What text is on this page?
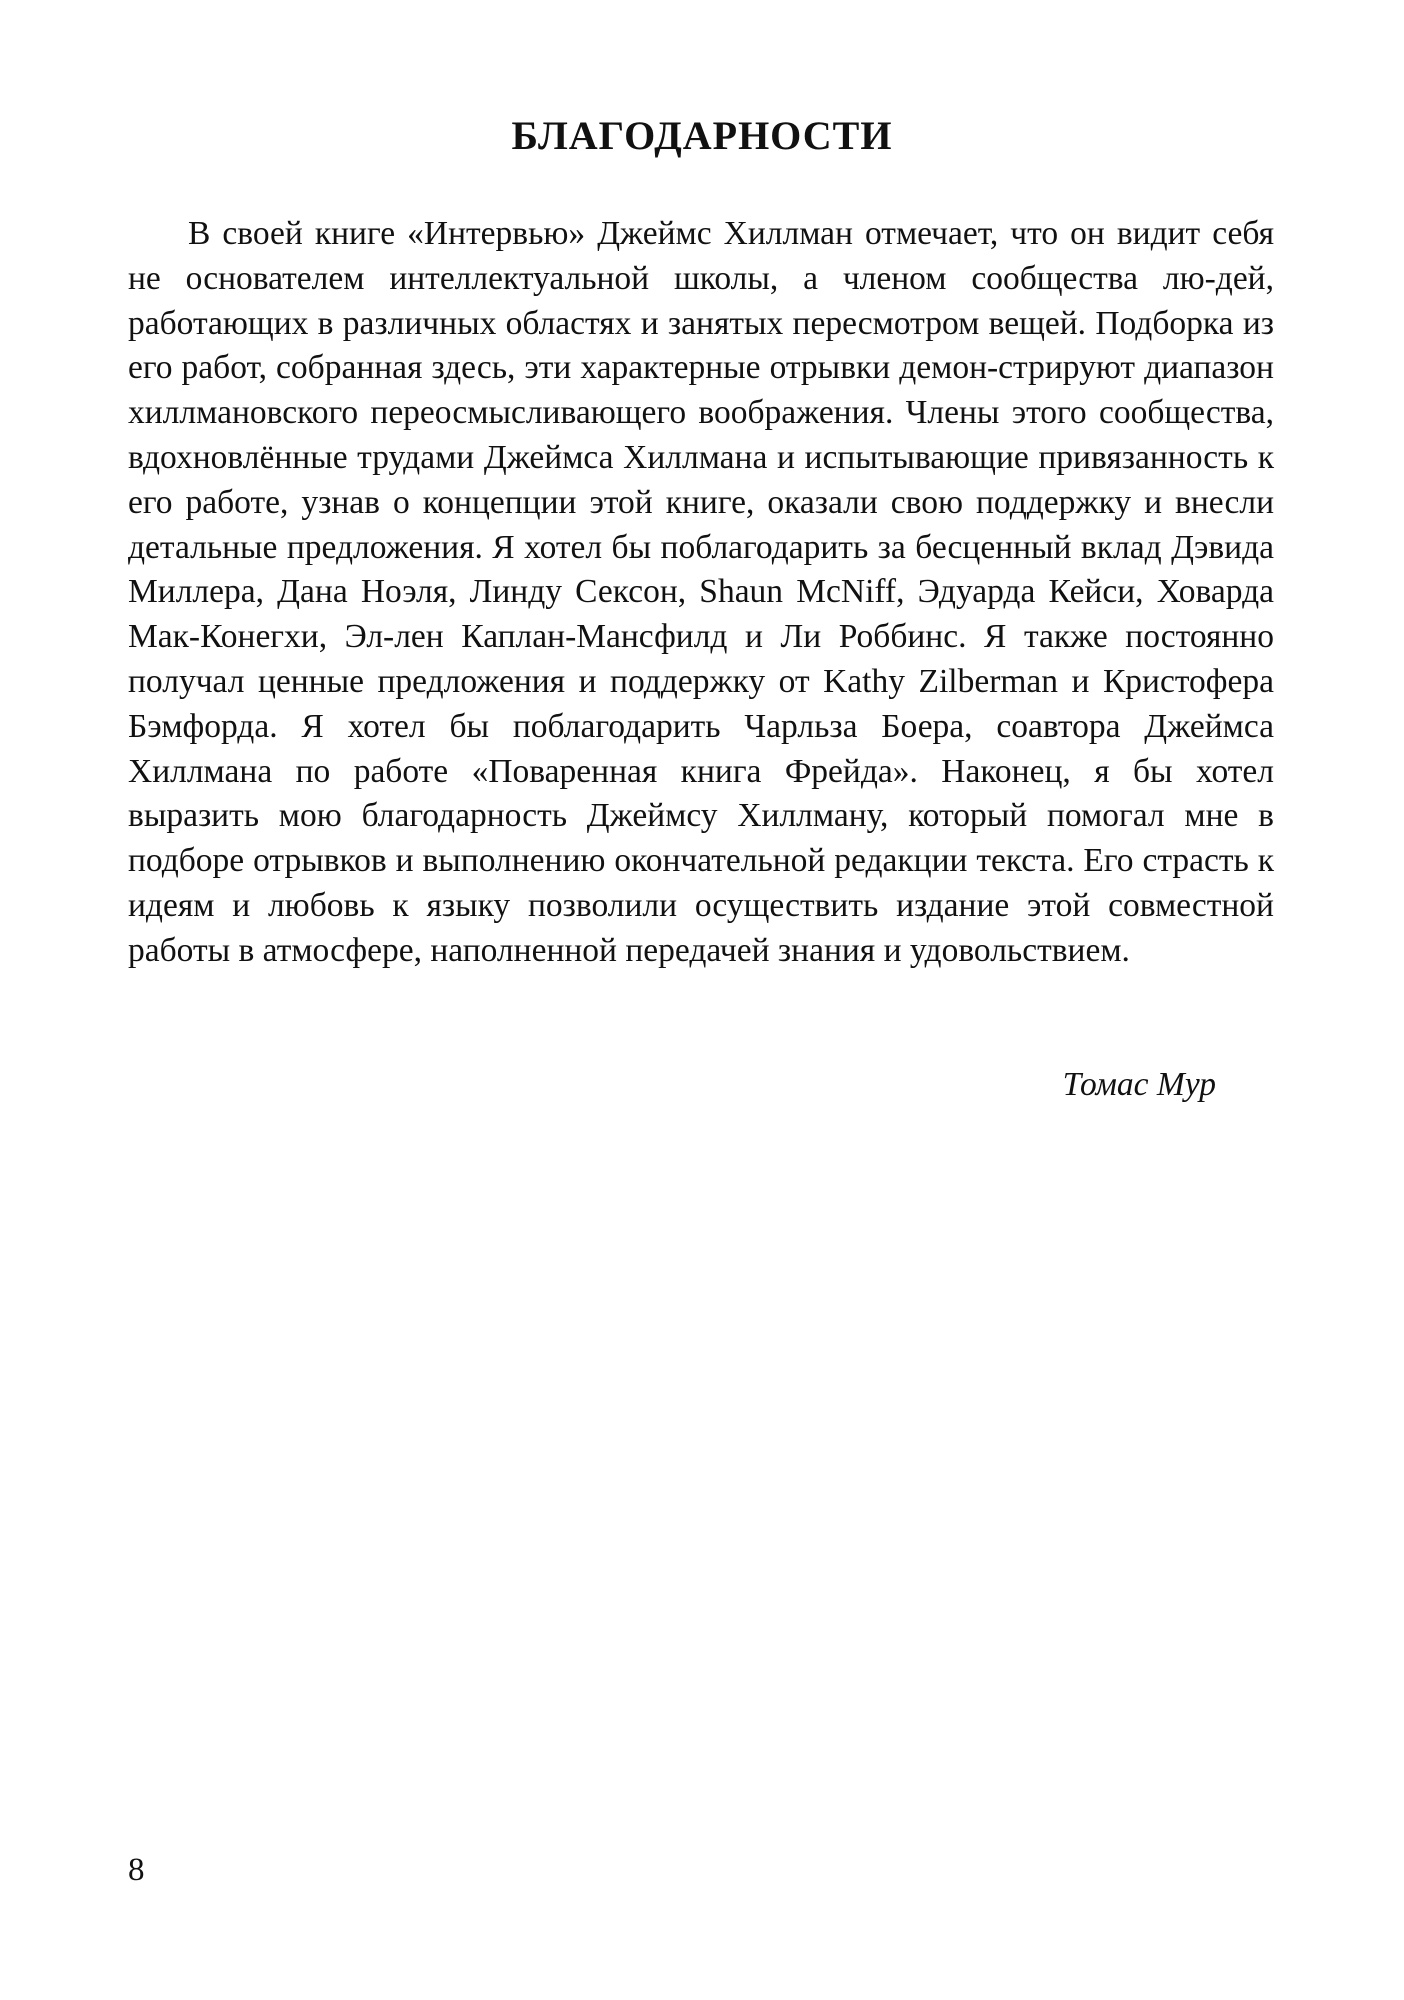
БЛАГОДАРНОСТИ

В своей книге «Интервью» Джеймс Хиллман отмечает, что он видит себя не основателем интеллектуальной школы, а членом сообщества лю-дей, работающих в различных областях и занятых пересмотром вещей. Подборка из его работ, собранная здесь, эти характерные отрывки демон-стрируют диапазон хиллмановского переосмысливающего воображения. Члены этого сообщества, вдохновлённые трудами Джеймса Хиллмана и испытывающие привязанность к его работе, узнав о концепции этой книге, оказали свою поддержку и внесли детальные предложения. Я хотел бы поблагодарить за бесценный вклад Дэвида Миллера, Дана Ноэля, Линду Сексон, Shaun McNiff, Эдуарда Кейси, Ховарда Мак-Конегхи, Эл-лен Каплан-Мансфилд и Ли Роббинс. Я также постоянно получал ценные предложения и поддержку от Kathy Zilberman и Кристофера Бэмфорда. Я хотел бы поблагодарить Чарльза Боера, соавтора Джеймса Хиллмана по работе «Поваренная книга Фрейда». Наконец, я бы хотел выразить мою благодарность Джеймсу Хиллману, который помогал мне в подборе отрывков и выполнению окончательной редакции текста. Его страсть к идеям и любовь к языку позволили осуществить издание этой совместной работы в атмосфере, наполненной передачей знания и удовольствием.

Томас Мур

8
